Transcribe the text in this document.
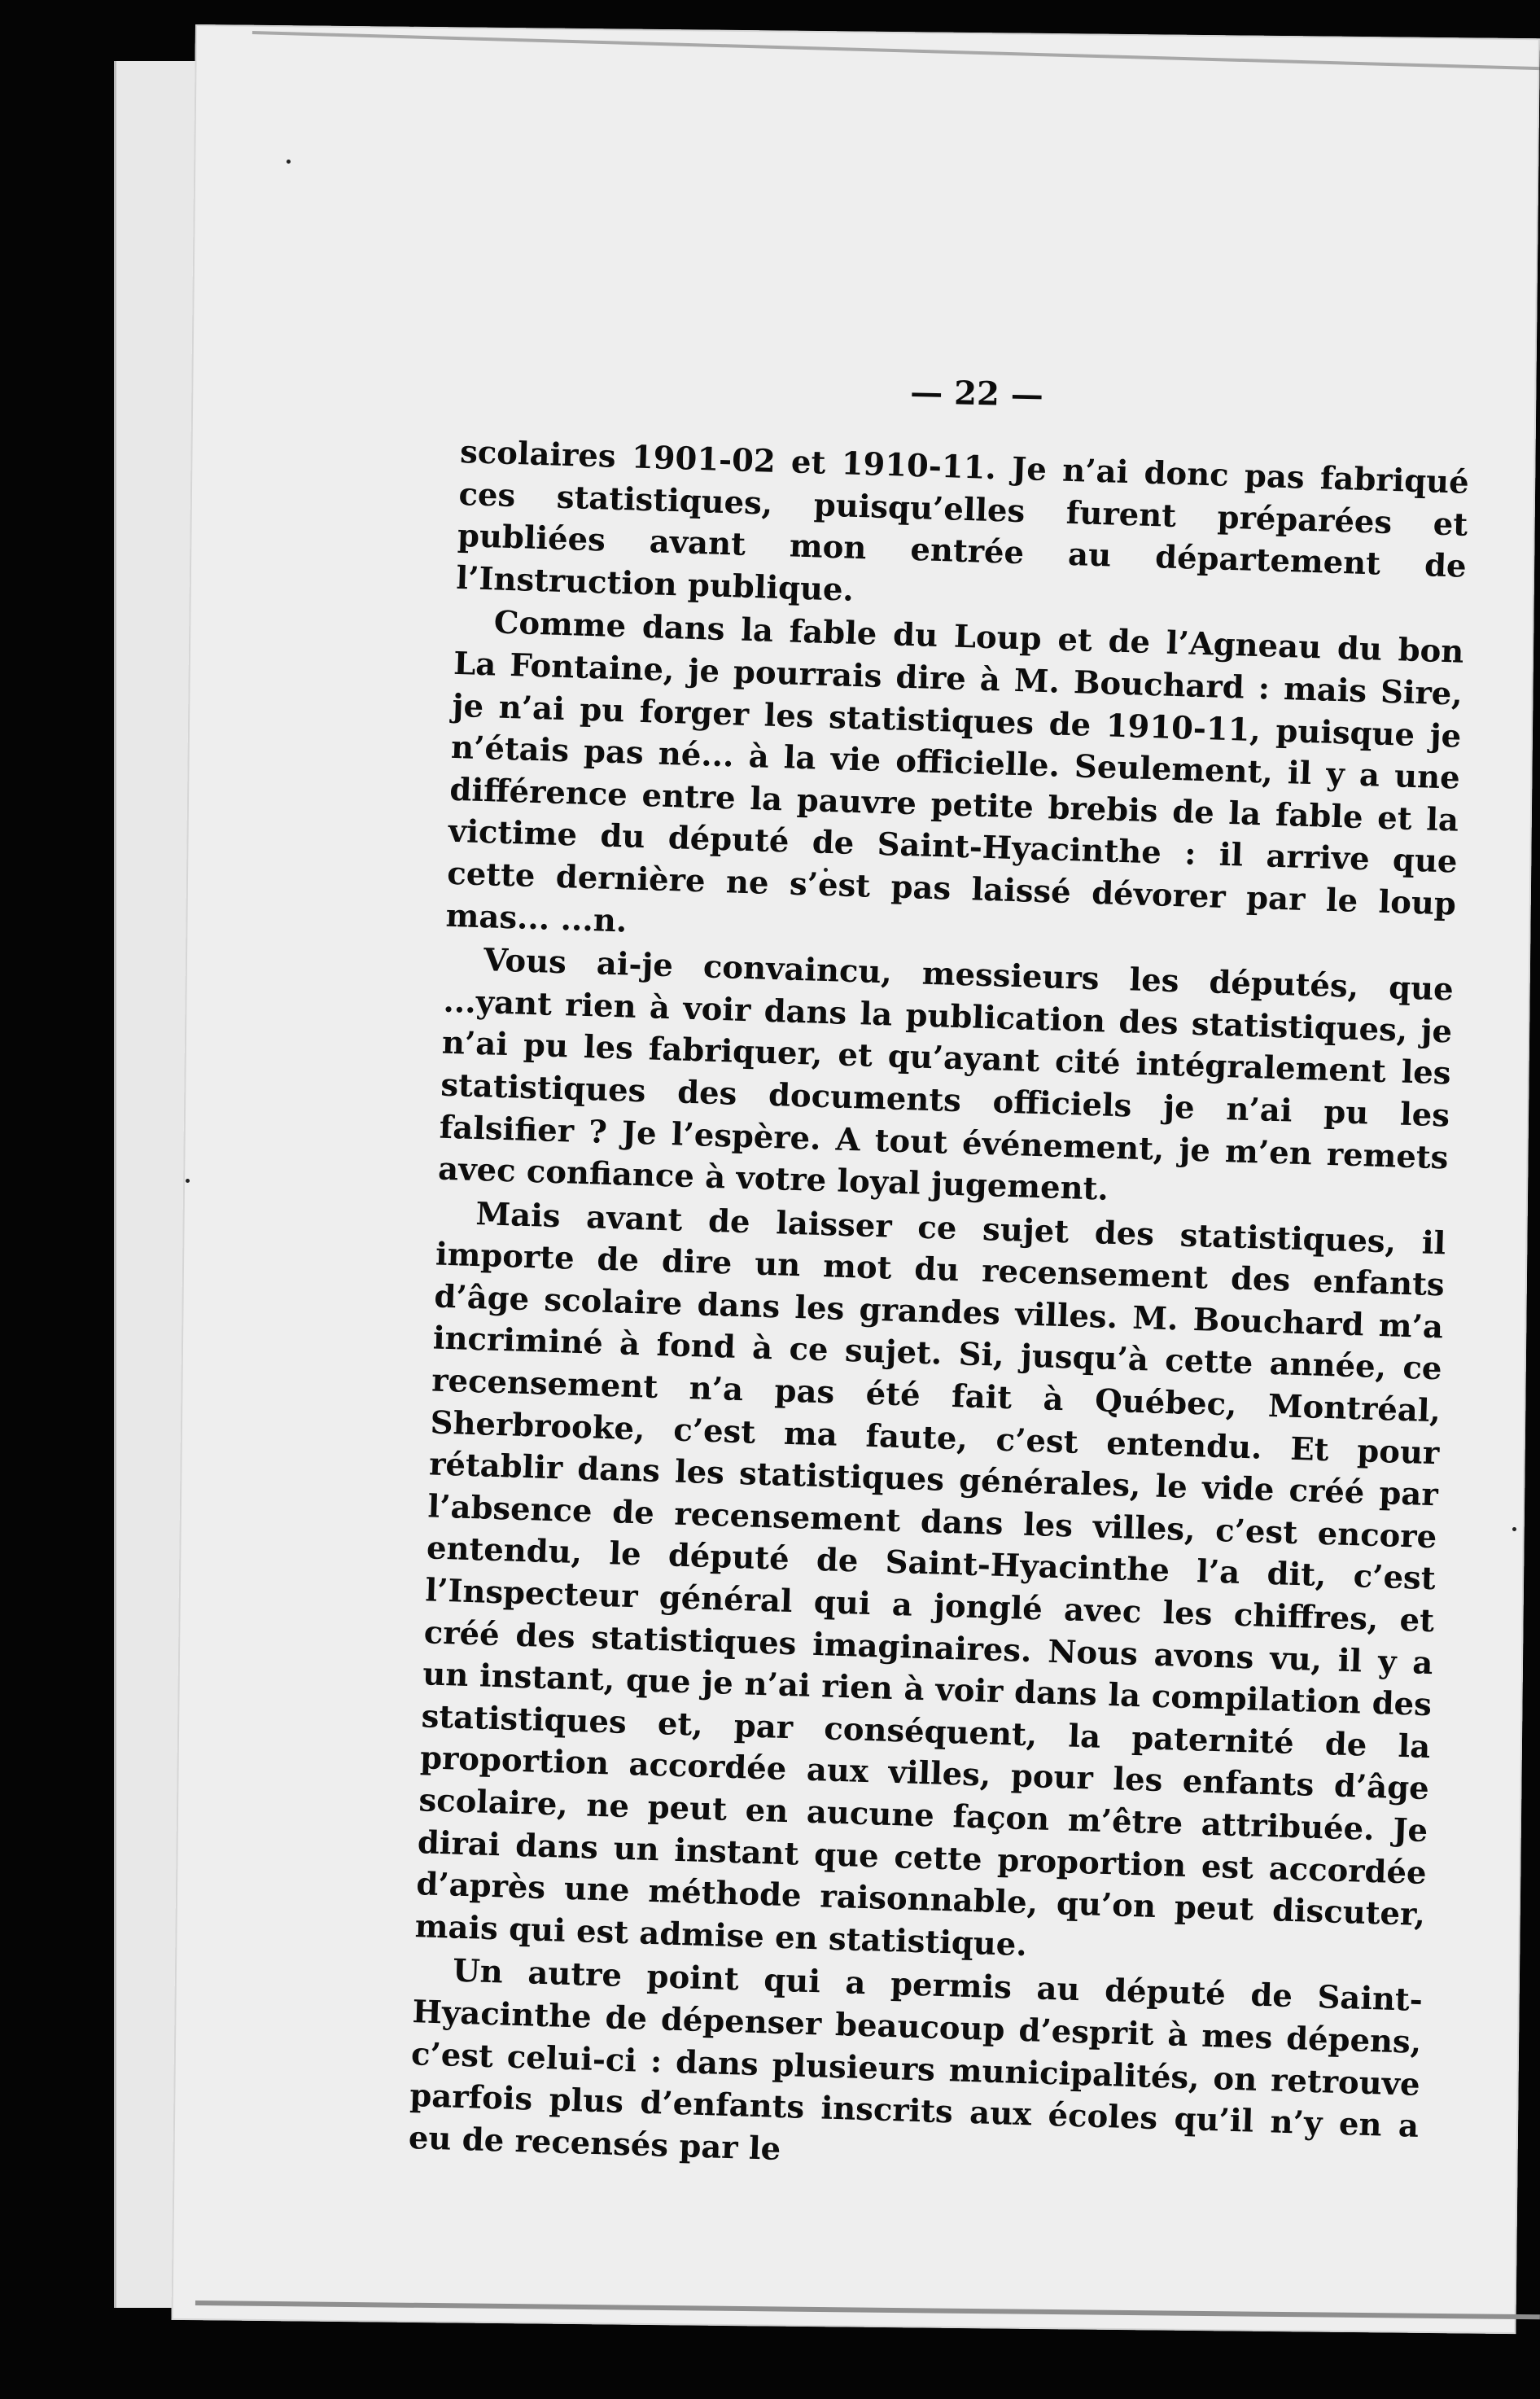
— 22 —

scolaires 1901-02 et 1910-11. Je n’ai donc pas fabriqué ces statistiques, puisqu’elles furent préparées et publiées avant mon entrée au département de l’Instruction publique.

Comme dans la fable du Loup et de l’Agneau du bon La Fontaine, je pourrais dire à M. Bouchard : mais Sire, je n’ai pu forger les statistiques de 1910-11, puisque je n’étais pas né... à la vie officielle. Seulement, il y a une différence entre la pauvre petite brebis de la fable et la victime du député de Saint-Hyacinthe : il arrive que cette dernière ne s’est pas laissé dévorer par le loup mas... ...n.

Vous ai-je convaincu, messieurs les députés, que ...yant rien à voir dans la publication des statistiques, je n’ai pu les fabriquer, et qu’ayant cité intégralement les statistiques des documents officiels je n’ai pu les falsifier ? Je l’espère. A tout événement, je m’en remets avec confiance à votre loyal jugement.

Mais avant de laisser ce sujet des statistiques, il importe de dire un mot du recensement des enfants d’âge scolaire dans les grandes villes. M. Bouchard m’a incriminé à fond à ce sujet. Si, jusqu’à cette année, ce recensement n’a pas été fait à Québec, Montréal, Sherbrooke, c’est ma faute, c’est entendu. Et pour rétablir dans les statistiques générales, le vide créé par l’absence de recensement dans les villes, c’est encore entendu, le député de Saint-Hyacinthe l’a dit, c’est l’Inspecteur général qui a jonglé avec les chiffres, et créé des statistiques imaginaires. Nous avons vu, il y a un instant, que je n’ai rien à voir dans la compilation des statistiques et, par conséquent, la paternité de la proportion accordée aux villes, pour les enfants d’âge scolaire, ne peut en aucune façon m’être attribuée. Je dirai dans un instant que cette proportion est accordée d’après une méthode raisonnable, qu’on peut discuter, mais qui est admise en statistique.

Un autre point qui a permis au député de Saint-Hyacinthe de dépenser beaucoup d’esprit à mes dépens, c’est celui-ci : dans plusieurs municipalités, on retrouve parfois plus d’enfants inscrits aux écoles qu’il n’y en a eu de recensés par le
